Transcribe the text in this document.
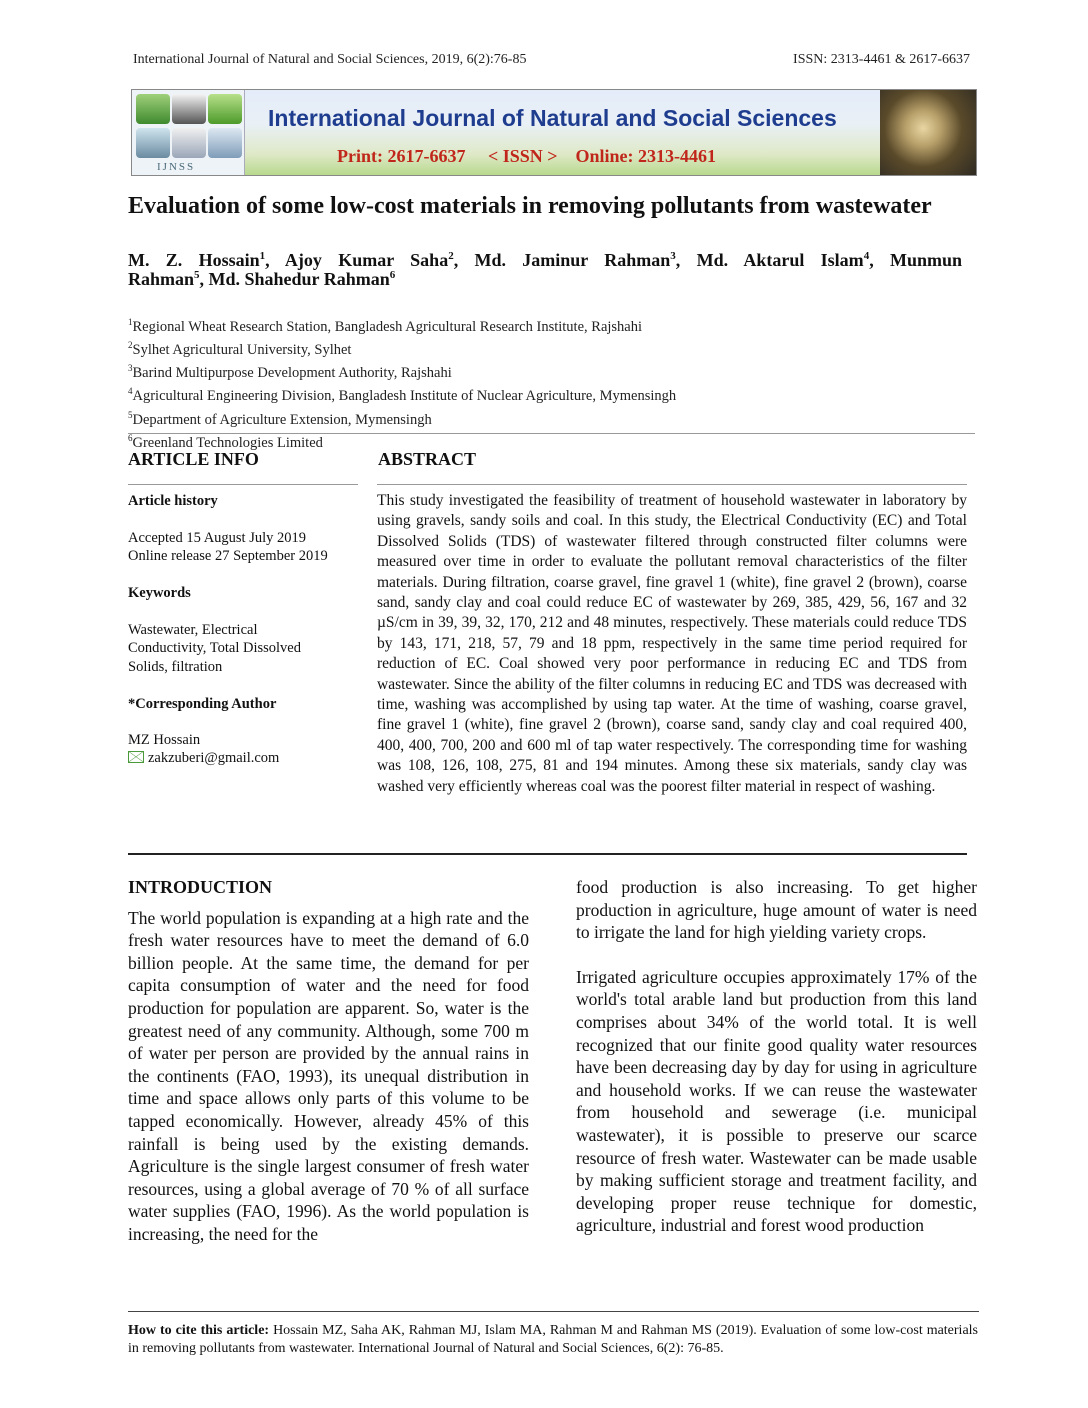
International Journal of Natural and Social Sciences, 2019, 6(2):76-85	ISSN: 2313-4461 & 2617-6637
IJNSS
International Journal of Natural and Social Sciences
Print: 2617-6637     < ISSN >    Online: 2313-4461
Evaluation of some low-cost materials in removing pollutants from wastewater
M. Z. Hossain$^1$, Ajoy Kumar Saha$^2$, Md. Jaminur Rahman$^3$, Md. Aktarul Islam$^4$, Munmun
Rahman$^5$, Md. Shahedur Rahman$^6$
$^1$Regional Wheat Research Station, Bangladesh Agricultural Research Institute, Rajshahi
$^2$Sylhet Agricultural University, Sylhet
$^3$Barind Multipurpose Development Authority, Rajshahi
$^4$Agricultural Engineering Division, Bangladesh Institute of Nuclear Agriculture, Mymensingh
$^5$Department of Agriculture Extension, Mymensingh
$^6$Greenland Technologies Limited
ARTICLE INFO
Article history
Accepted 15 August July 2019
Online release 27 September 2019
Keywords
Wastewater, Electrical Conductivity, Total Dissolved Solids, filtration
*Corresponding Author
MZ Hossain
zakzuberi@gmail.com
ABSTRACT
This study investigated the feasibility of treatment of household wastewater in laboratory by using gravels, sandy soils and coal. In this study, the Electrical Conductivity (EC) and Total Dissolved Solids (TDS) of wastewater filtered through constructed filter columns were measured over time in order to evaluate the pollutant removal characteristics of the filter materials. During filtration, coarse gravel, fine gravel 1 (white), fine gravel 2 (brown), coarse sand, sandy clay and coal could reduce EC of wastewater by 269, 385, 429, 56, 167 and 32 µS/cm in 39, 39, 32, 170, 212 and 48 minutes, respectively. These materials could reduce TDS by 143, 171, 218, 57, 79 and 18 ppm, respectively in the same time period required for reduction of EC. Coal showed very poor performance in reducing EC and TDS from wastewater. Since the ability of the filter columns in reducing EC and TDS was decreased with time, washing was accomplished by using tap water. At the time of washing, coarse gravel, fine gravel 1 (white), fine gravel 2 (brown), coarse sand, sandy clay and coal required 400, 400, 400, 700, 200 and 600 ml of tap water respectively. The corresponding time for washing was 108, 126, 108, 275, 81 and 194 minutes. Among these six materials, sandy clay was washed very efficiently whereas coal was the poorest filter material in respect of washing.

INTRODUCTION

The world population is expanding at a high rate and the fresh water resources have to meet the demand of 6.0 billion people. At the same time, the demand for per capita consumption of water and the need for food production for population are apparent. So, water is the greatest need of any community. Although, some 700 m of water per person are provided by the annual rains in the continents (FAO, 1993), its unequal distribution in time and space allows only parts of this volume to be tapped economically. However, already 45% of this rainfall is being used by the existing demands. Agriculture is the single largest consumer of fresh water resources, using a global average of 70 % of all surface water supplies (FAO, 1996). As the world population is increasing, the need for the

food production is also increasing. To get higher production in agriculture, huge amount of water is need to irrigate the land for high yielding variety crops.

Irrigated agriculture occupies approximately 17% of the world's total arable land but production from this land comprises about 34% of the world total. It is well recognized that our finite good quality water resources have been decreasing day by day for using in agriculture and household works. If we can reuse the wastewater from household and sewerage (i.e. municipal wastewater), it is possible to preserve our scarce resource of fresh water. Wastewater can be made usable by making sufficient storage and treatment facility, and developing proper reuse technique for domestic, agriculture, industrial and forest wood production

How to cite this article: Hossain MZ, Saha AK, Rahman MJ, Islam MA, Rahman M and Rahman MS (2019). Evaluation of some low-cost materials in removing pollutants from wastewater. International Journal of Natural and Social Sciences, 6(2): 76-85.
